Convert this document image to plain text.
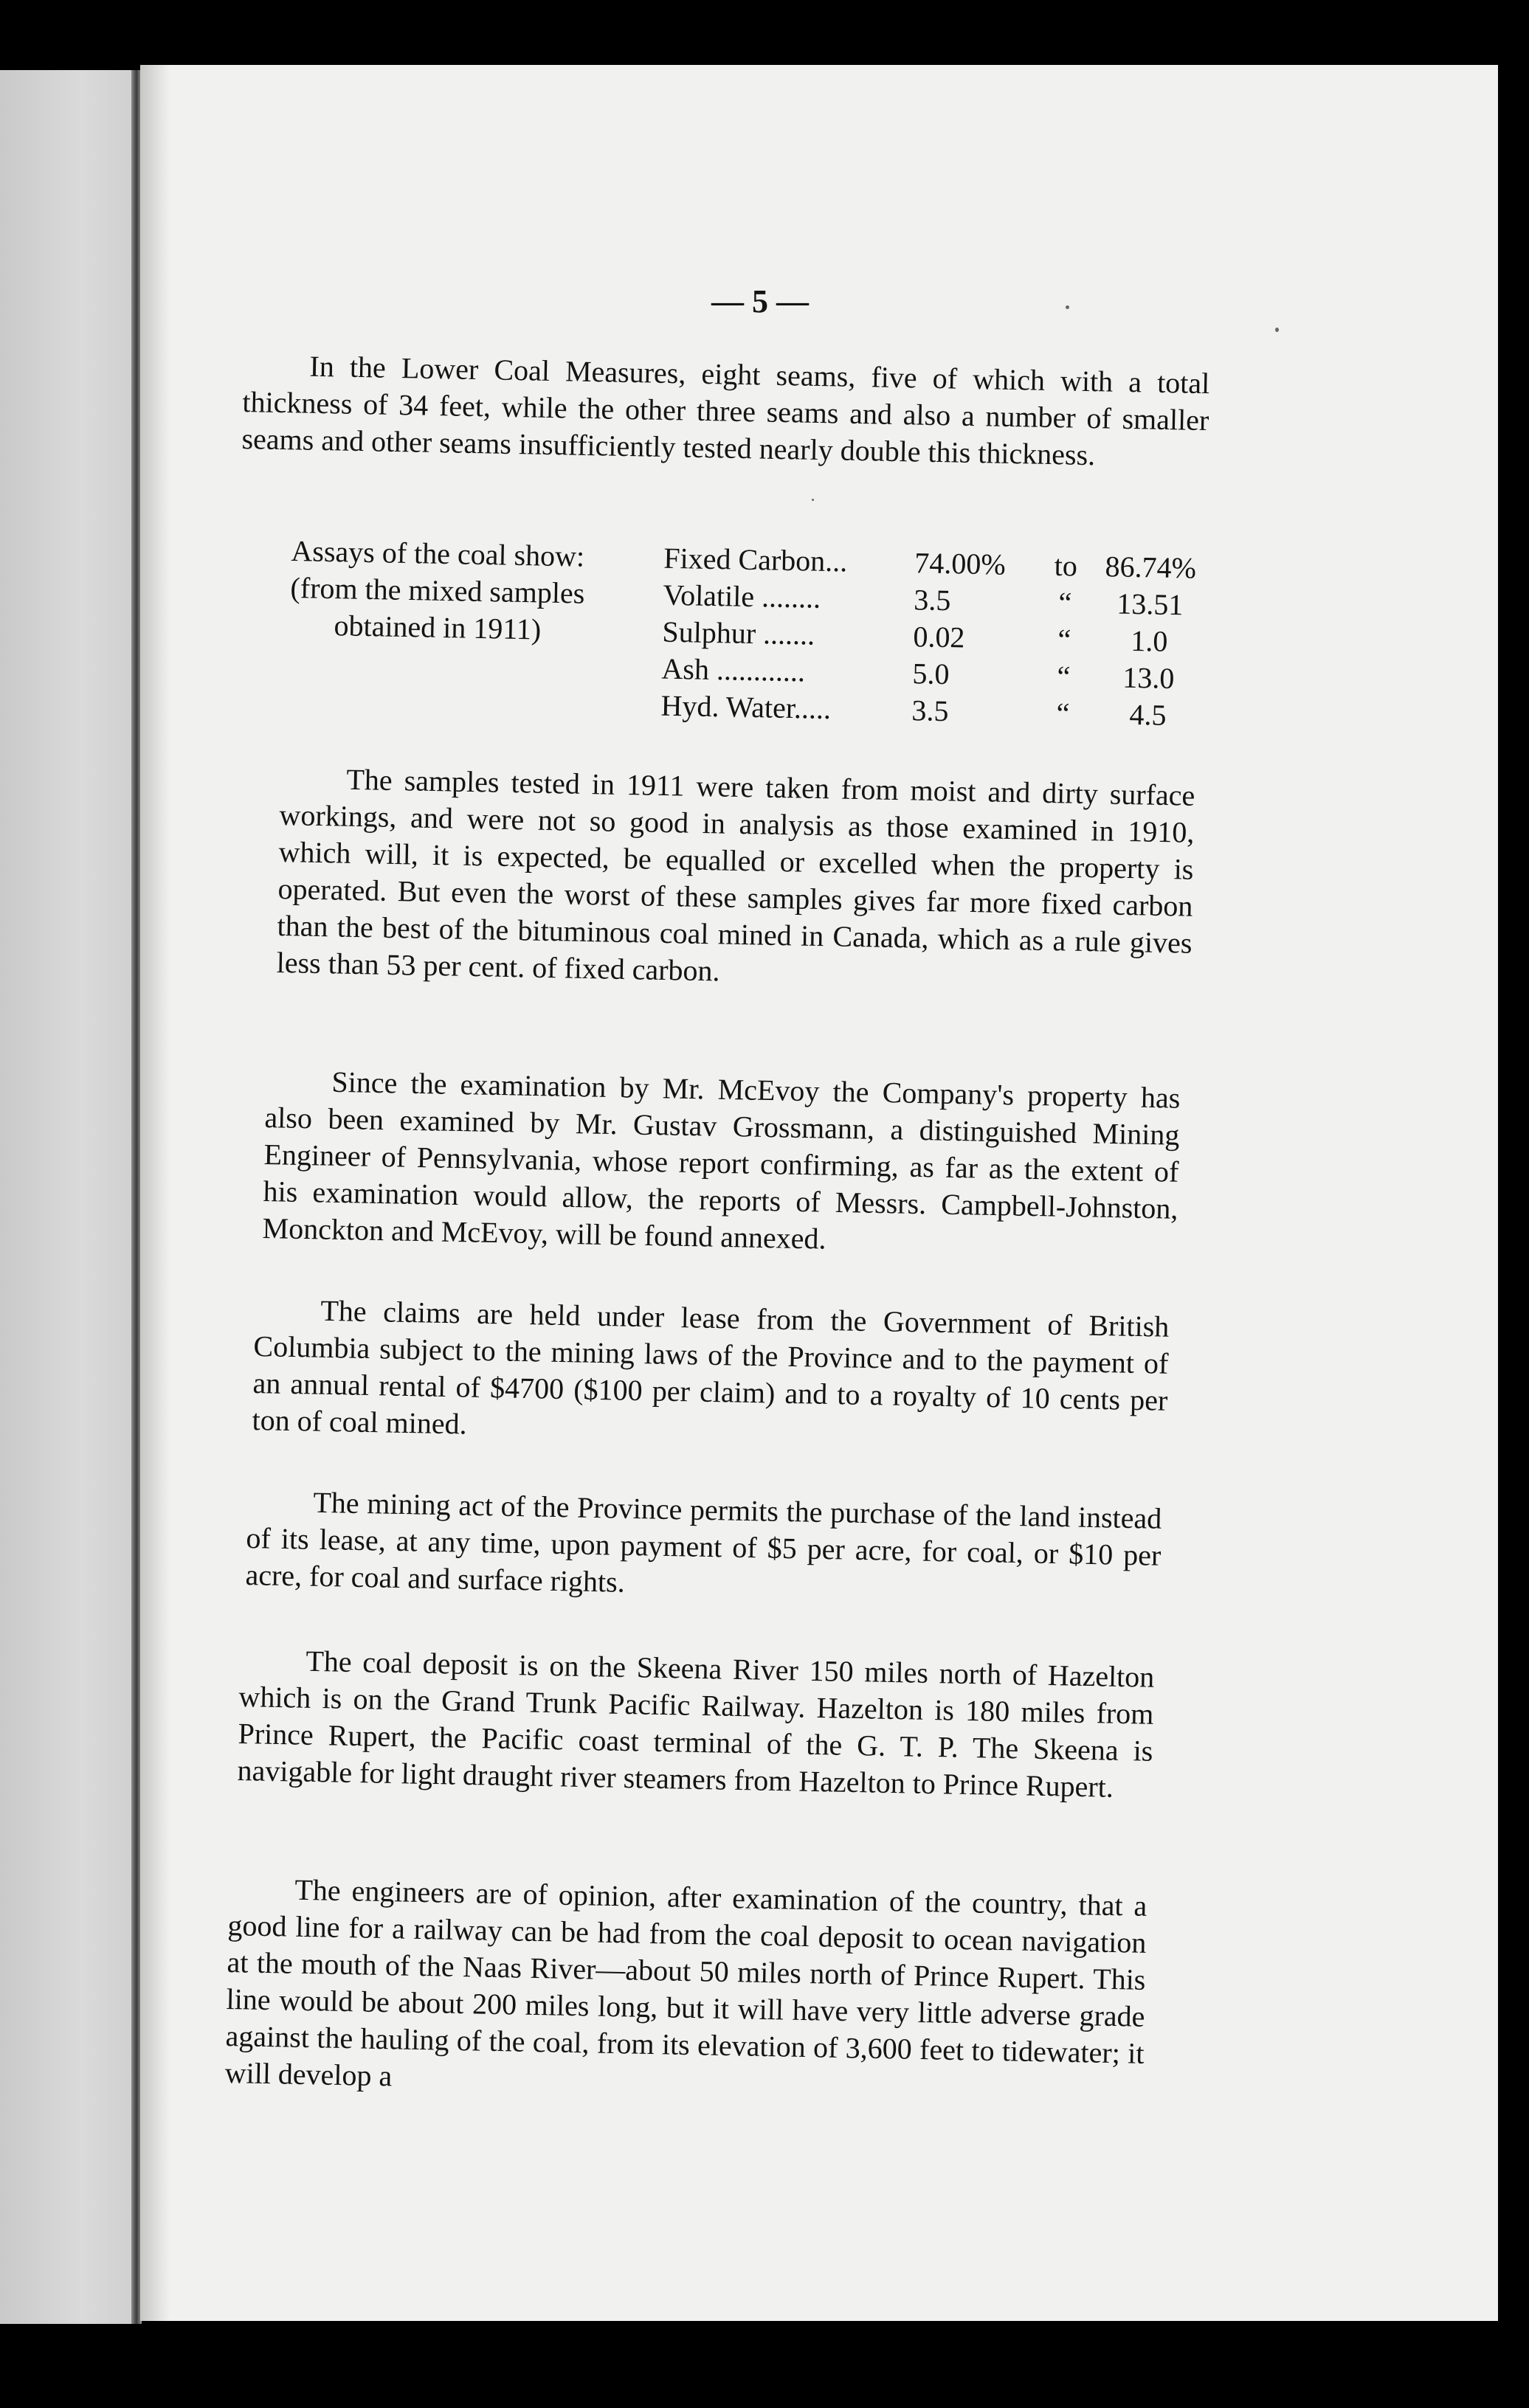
— 5 —

In the Lower Coal Measures, eight seams, five of which with a total thickness of 34 feet, while the other three seams and also a number of smaller seams and other seams insufficiently tested nearly double this thickness.

Assays of the coal show:
(from the mixed samples
obtained in 1911)
Fixed Carbon...	74.00%	to	86.74%
Volatile ........	3.5	“	13.51
Sulphur .......	0.02	“	1.0
Ash ............	5.0	“	13.0
Hyd. Water.....	3.5	“	4.5

The samples tested in 1911 were taken from moist and dirty surface workings, and were not so good in analysis as those examined in 1910, which will, it is expected, be equalled or excelled when the property is operated. But even the worst of these samples gives far more fixed carbon than the best of the bituminous coal mined in Canada, which as a rule gives less than 53 per cent. of fixed carbon.

Since the examination by Mr. McEvoy the Company's property has also been examined by Mr. Gustav Grossmann, a distinguished Mining Engineer of Pennsylvania, whose report confirming, as far as the extent of his examination would allow, the reports of Messrs. Campbell-Johnston, Monckton and McEvoy, will be found annexed.

The claims are held under lease from the Government of British Columbia subject to the mining laws of the Province and to the payment of an annual rental of $4700 ($100 per claim) and to a royalty of 10 cents per ton of coal mined.

The mining act of the Province permits the purchase of the land instead of its lease, at any time, upon payment of $5 per acre, for coal, or $10 per acre, for coal and surface rights.

The coal deposit is on the Skeena River 150 miles north of Hazelton which is on the Grand Trunk Pacific Railway. Hazelton is 180 miles from Prince Rupert, the Pacific coast terminal of the G. T. P. The Skeena is navigable for light draught river steamers from Hazelton to Prince Rupert.

The engineers are of opinion, after examination of the country, that a good line for a railway can be had from the coal deposit to ocean navigation at the mouth of the Naas River—about 50 miles north of Prince Rupert. This line would be about 200 miles long, but it will have very little adverse grade against the hauling of the coal, from its elevation of 3,600 feet to tidewater; it will develop a
